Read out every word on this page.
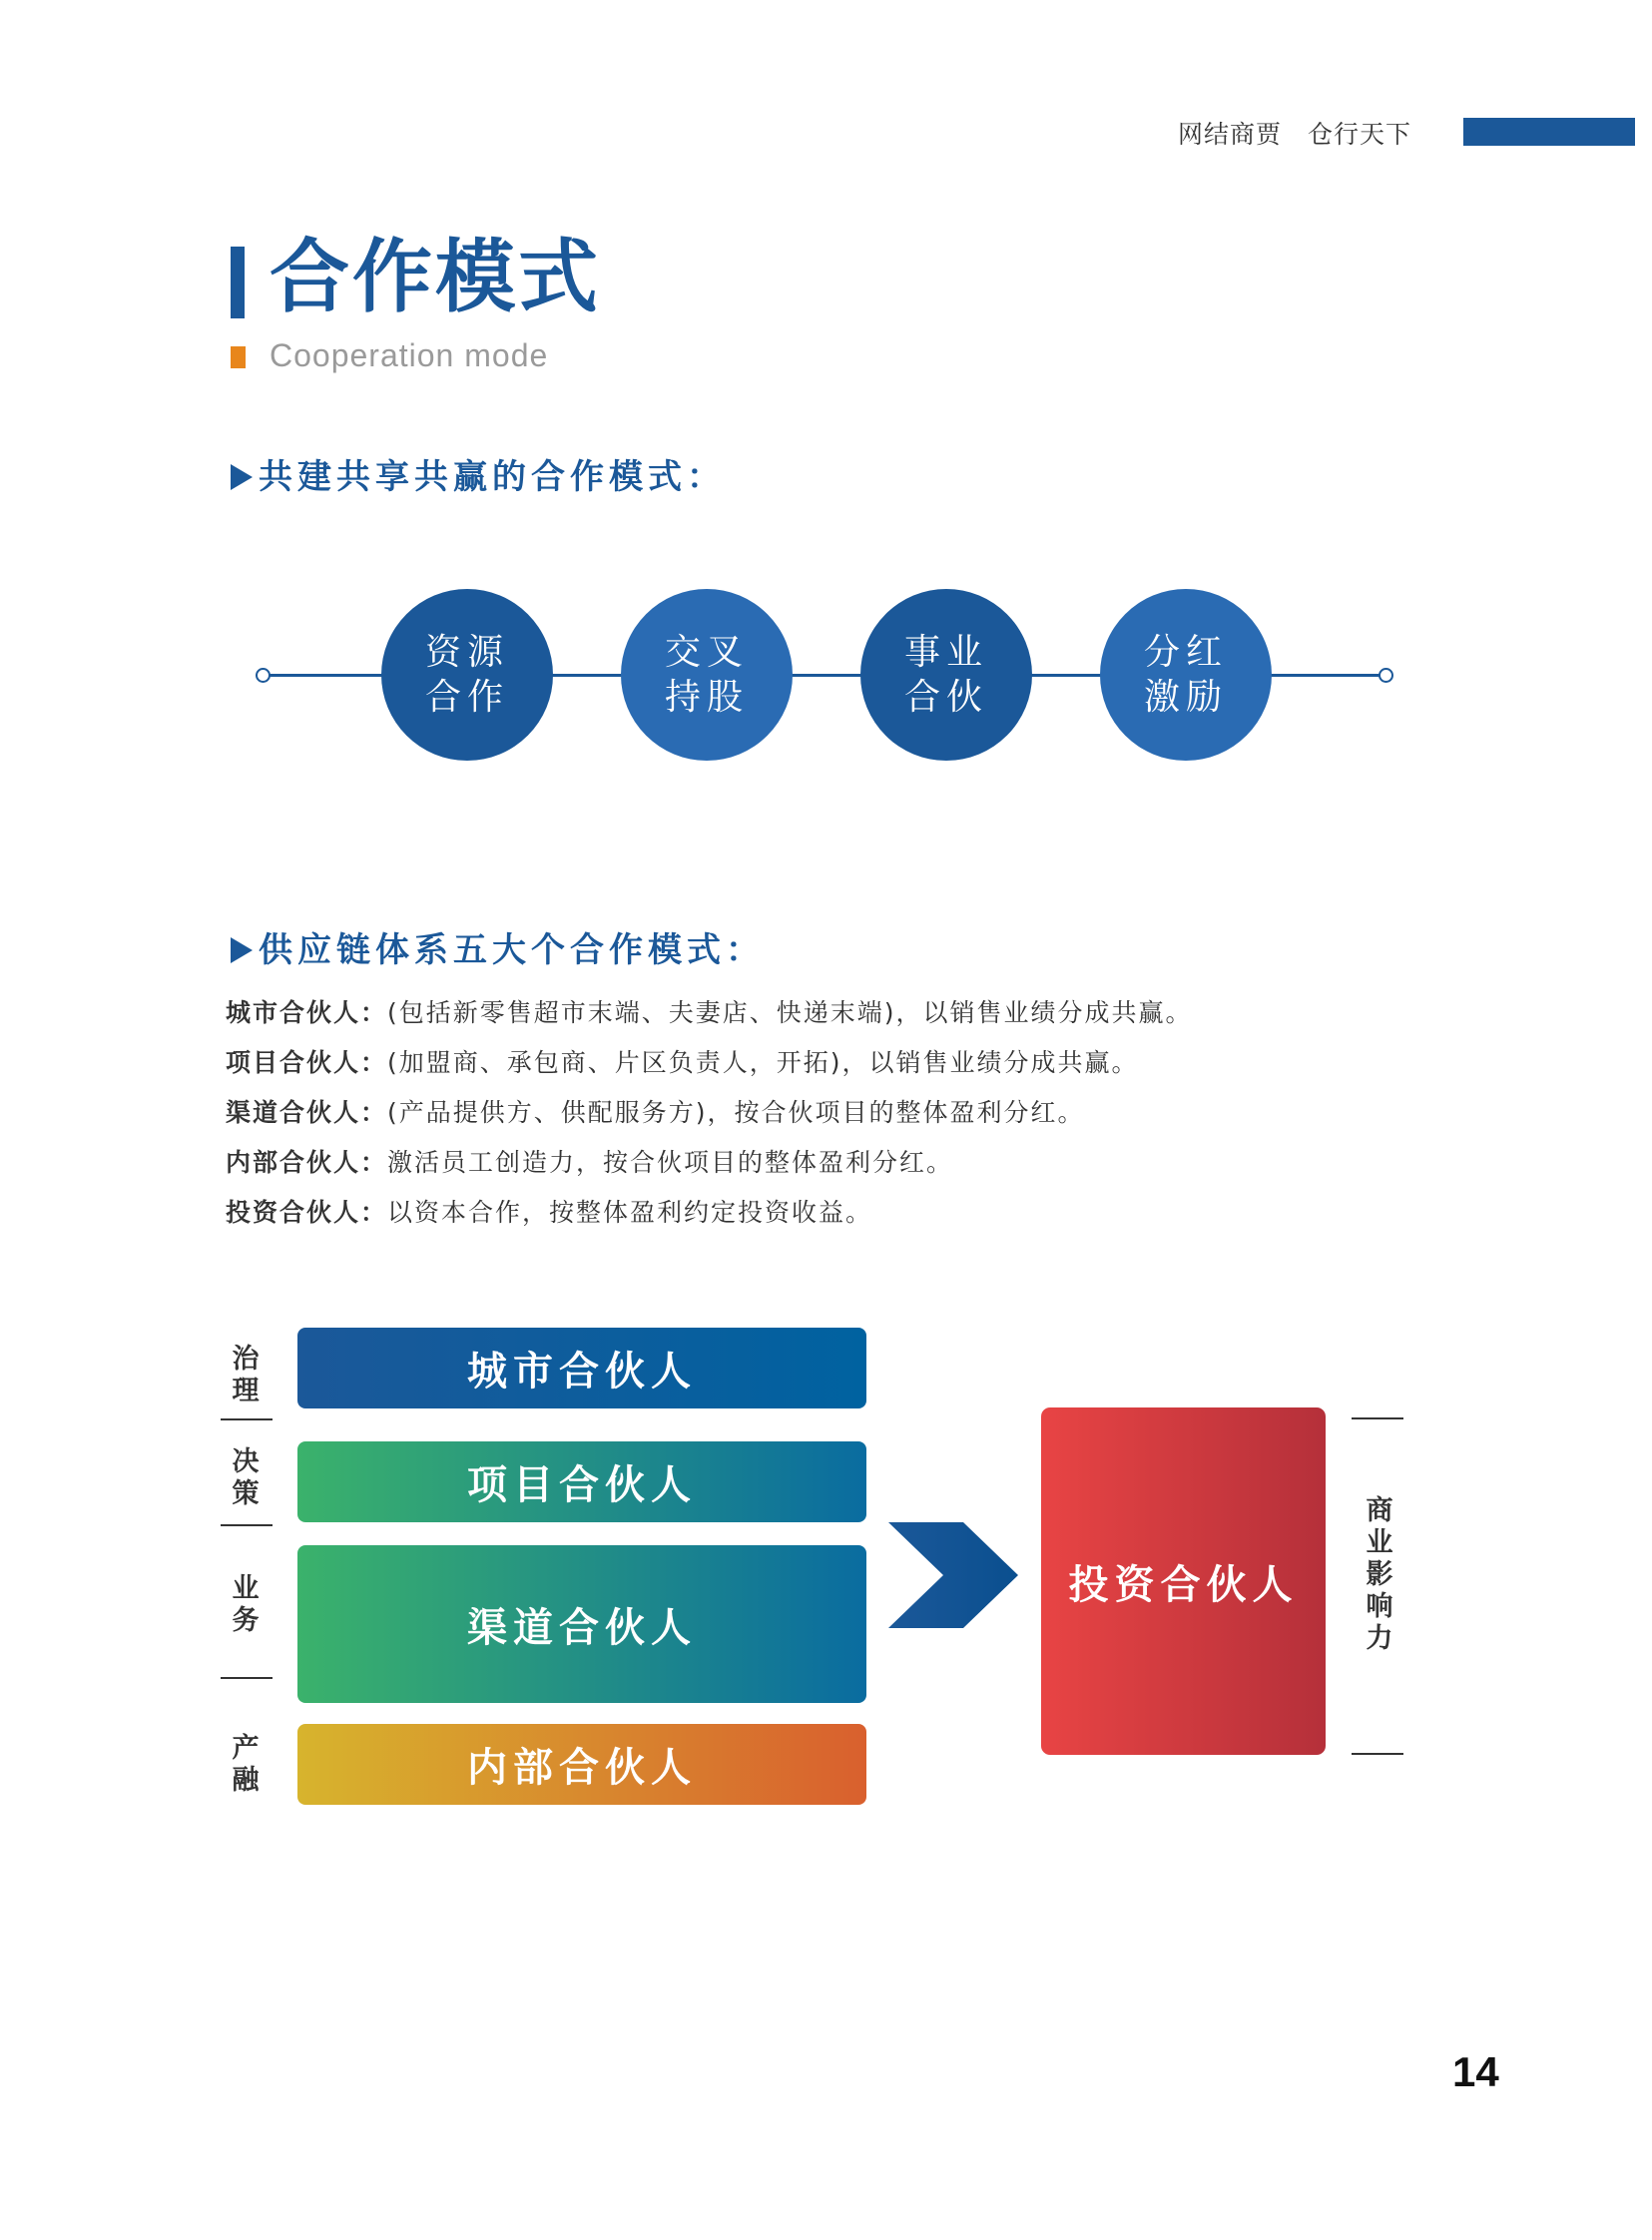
网结商贾 仓行天下
合作模式
Cooperation mode
共建共享共赢的合作模式：
资源
合作
交叉
持股
事业
合伙
分红
激励
供应链体系五大个合作模式：
城市合伙人：(包括新零售超市末端、夫妻店、快递末端)，以销售业绩分成共赢。
项目合伙人：(加盟商、承包商、片区负责人，开拓)，以销售业绩分成共赢。
渠道合伙人：(产品提供方、供配服务方)，按合伙项目的整体盈利分红。
内部合伙人：激活员工创造力，按合伙项目的整体盈利分红。
投资合伙人：以资本合作，按整体盈利约定投资收益。
治
理
决
策
业
务
产
融
城市合伙人
项目合伙人
渠道合伙人
内部合伙人
投资合伙人
商
业
影
响
力
14
